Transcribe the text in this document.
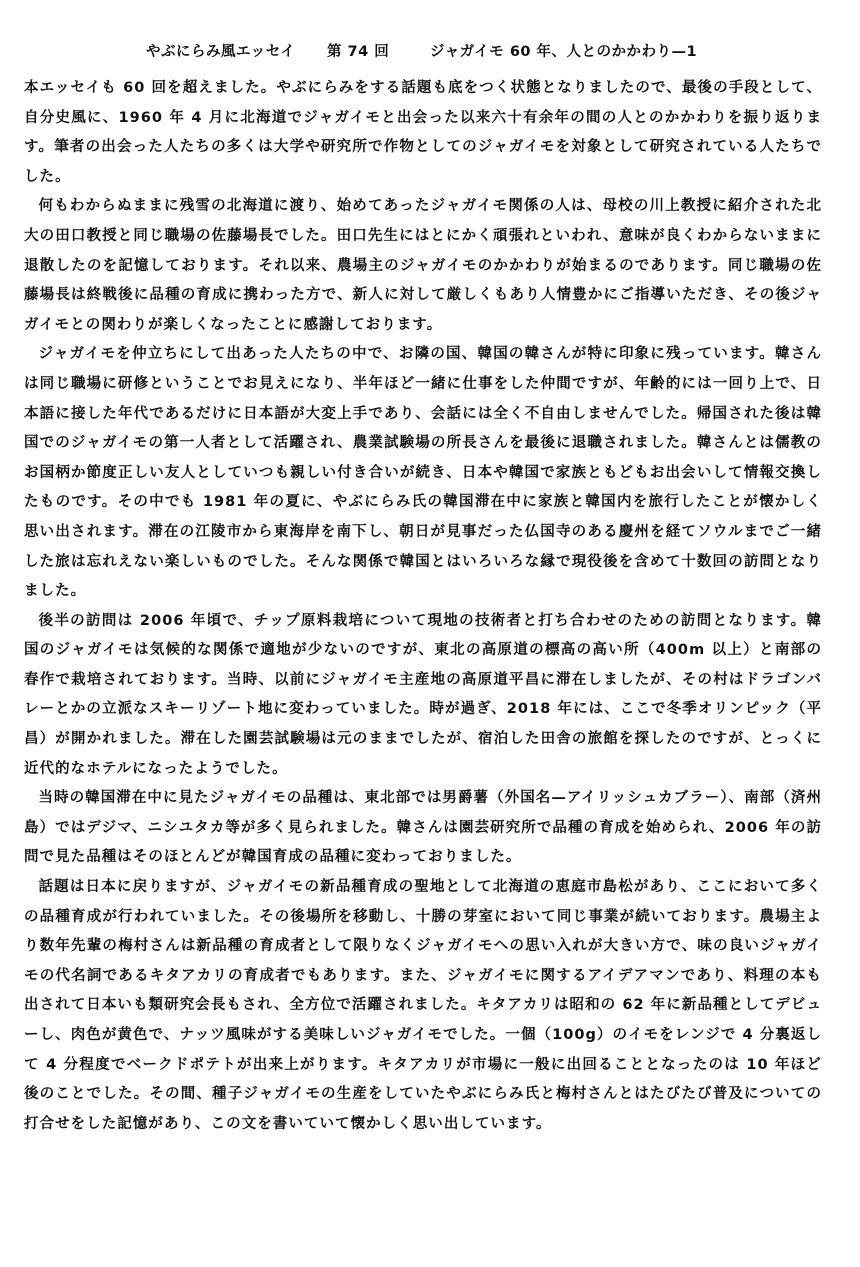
やぶにらみ風エッセイ 第 74 回	ジャガイモ 60 年、人とのかかわり—1

本エッセイも 60 回を超えました。やぶにらみをする話題も底をつく状態となりましたので、最後の手段として、自分史風に、1960 年 4 月に北海道でジャガイモと出会った以来六十有余年の間の人とのかかわりを振り返ります。筆者の出会った人たちの多くは大学や研究所で作物としてのジャガイモを対象として研究されている人たちでした。

何もわからぬままに残雪の北海道に渡り、始めてあったジャガイモ関係の人は、母校の川上教授に紹介された北大の田口教授と同じ職場の佐藤場長でした。田口先生にはとにかく頑張れといわれ、意味が良くわからないままに退散したのを記憶しております。それ以来、農場主のジャガイモのかかわりが始まるのであります。同じ職場の佐藤場長は終戦後に品種の育成に携わった方で、新人に対して厳しくもあり人情豊かにご指導いただき、その後ジャガイモとの関わりが楽しくなったことに感謝しております。

ジャガイモを仲立ちにして出あった人たちの中で、お隣の国、韓国の韓さんが特に印象に残っています。韓さんは同じ職場に研修ということでお見えになり、半年ほど一緒に仕事をした仲間ですが、年齢的には一回り上で、日本語に接した年代であるだけに日本語が大変上手であり、会話には全く不自由しませんでした。帰国された後は韓国でのジャガイモの第一人者として活躍され、農業試験場の所長さんを最後に退職されました。韓さんとは儒教のお国柄か節度正しい友人としていつも親しい付き合いが続き、日本や韓国で家族ともどもお出会いして情報交換したものです。その中でも 1981 年の夏に、やぶにらみ氏の韓国滞在中に家族と韓国内を旅行したことが懐かしく思い出されます。滞在の江陵市から東海岸を南下し、朝日が見事だった仏国寺のある慶州を経てソウルまでご一緒した旅は忘れえない楽しいものでした。そんな関係で韓国とはいろいろな縁で現役後を含めて十数回の訪問となりました。

後半の訪問は 2006 年頃で、チップ原料栽培について現地の技術者と打ち合わせのための訪問となります。韓国のジャガイモは気候的な関係で適地が少ないのですが、東北の高原道の標高の高い所（400m 以上）と南部の春作で栽培されております。当時、以前にジャガイモ主産地の高原道平昌に滞在しましたが、その村はドラゴンバレーとかの立派なスキーリゾート地に変わっていました。時が過ぎ、2018 年には、ここで冬季オリンピック（平昌）が開かれました。滞在した園芸試験場は元のままでしたが、宿泊した田舎の旅館を探したのですが、とっくに近代的なホテルになったようでした。

当時の韓国滞在中に見たジャガイモの品種は、東北部では男爵薯（外国名—アイリッシュカブラー）、南部（済州島）ではデジマ、ニシユタカ等が多く見られました。韓さんは園芸研究所で品種の育成を始められ、2006 年の訪問で見た品種はそのほとんどが韓国育成の品種に変わっておりました。

話題は日本に戻りますが、ジャガイモの新品種育成の聖地として北海道の恵庭市島松があり、ここにおいて多くの品種育成が行われていました。その後場所を移動し、十勝の芽室において同じ事業が続いております。農場主より数年先輩の梅村さんは新品種の育成者として限りなくジャガイモへの思い入れが大きい方で、味の良いジャガイモの代名詞であるキタアカリの育成者でもあります。また、ジャガイモに関するアイデアマンであり、料理の本も出されて日本いも類研究会長もされ、全方位で活躍されました。キタアカリは昭和の 62 年に新品種としてデビューし、肉色が黄色で、ナッツ風味がする美味しいジャガイモでした。一個（100g）のイモをレンジで 4 分裏返して 4 分程度でベークドポテトが出来上がります。キタアカリが市場に一般に出回ることとなったのは 10 年ほど後のことでした。その間、種子ジャガイモの生産をしていたやぶにらみ氏と梅村さんとはたびたび普及についての打合せをした記憶があり、この文を書いていて懐かしく思い出しています。
